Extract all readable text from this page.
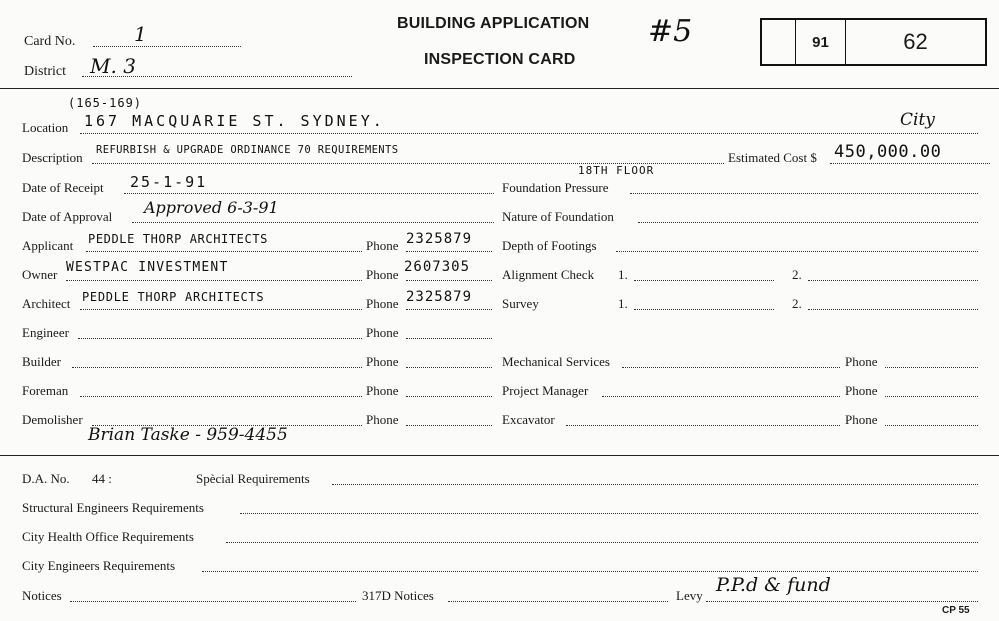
Card No.	1
District M. 3
BUILDING APPLICATION
INSPECTION CARD
#5	91	62
(165-169)
Location 167 MACQUARIE ST. SYDNEY.	City
Description REFURBISH & UPGRADE ORDINANCE 70 REQUIREMENTS
18TH FLOOR
Estimated Cost $ 450,000.00
Date of Receipt 25-1-91
Date of Approval Approved 6-3-91
Applicant PEDDLE THORP ARCHITECTS	Phone 2325879
Owner WESTPAC INVESTMENT	Phone 2607305
Architect PEDDLE THORP ARCHITECTS	Phone 2325879
Engineer	Phone
Builder	Phone
Foreman	Phone
Demolisher	Phone
Brian Taske - 959-4455
Foundation Pressure
Nature of Foundation
Depth of Footings
Alignment Check 1.	2.
Survey	1.	2.
Mechanical Services	Phone
Project Manager	Phone
Excavator	Phone
D.A. No. 44 :	Spècial Requirements
Structural Engineers Requirements
City Health Office Requirements
City Engineers Requirements
Notices	317D Notices	Levy P.P.d & fund
CP 55
